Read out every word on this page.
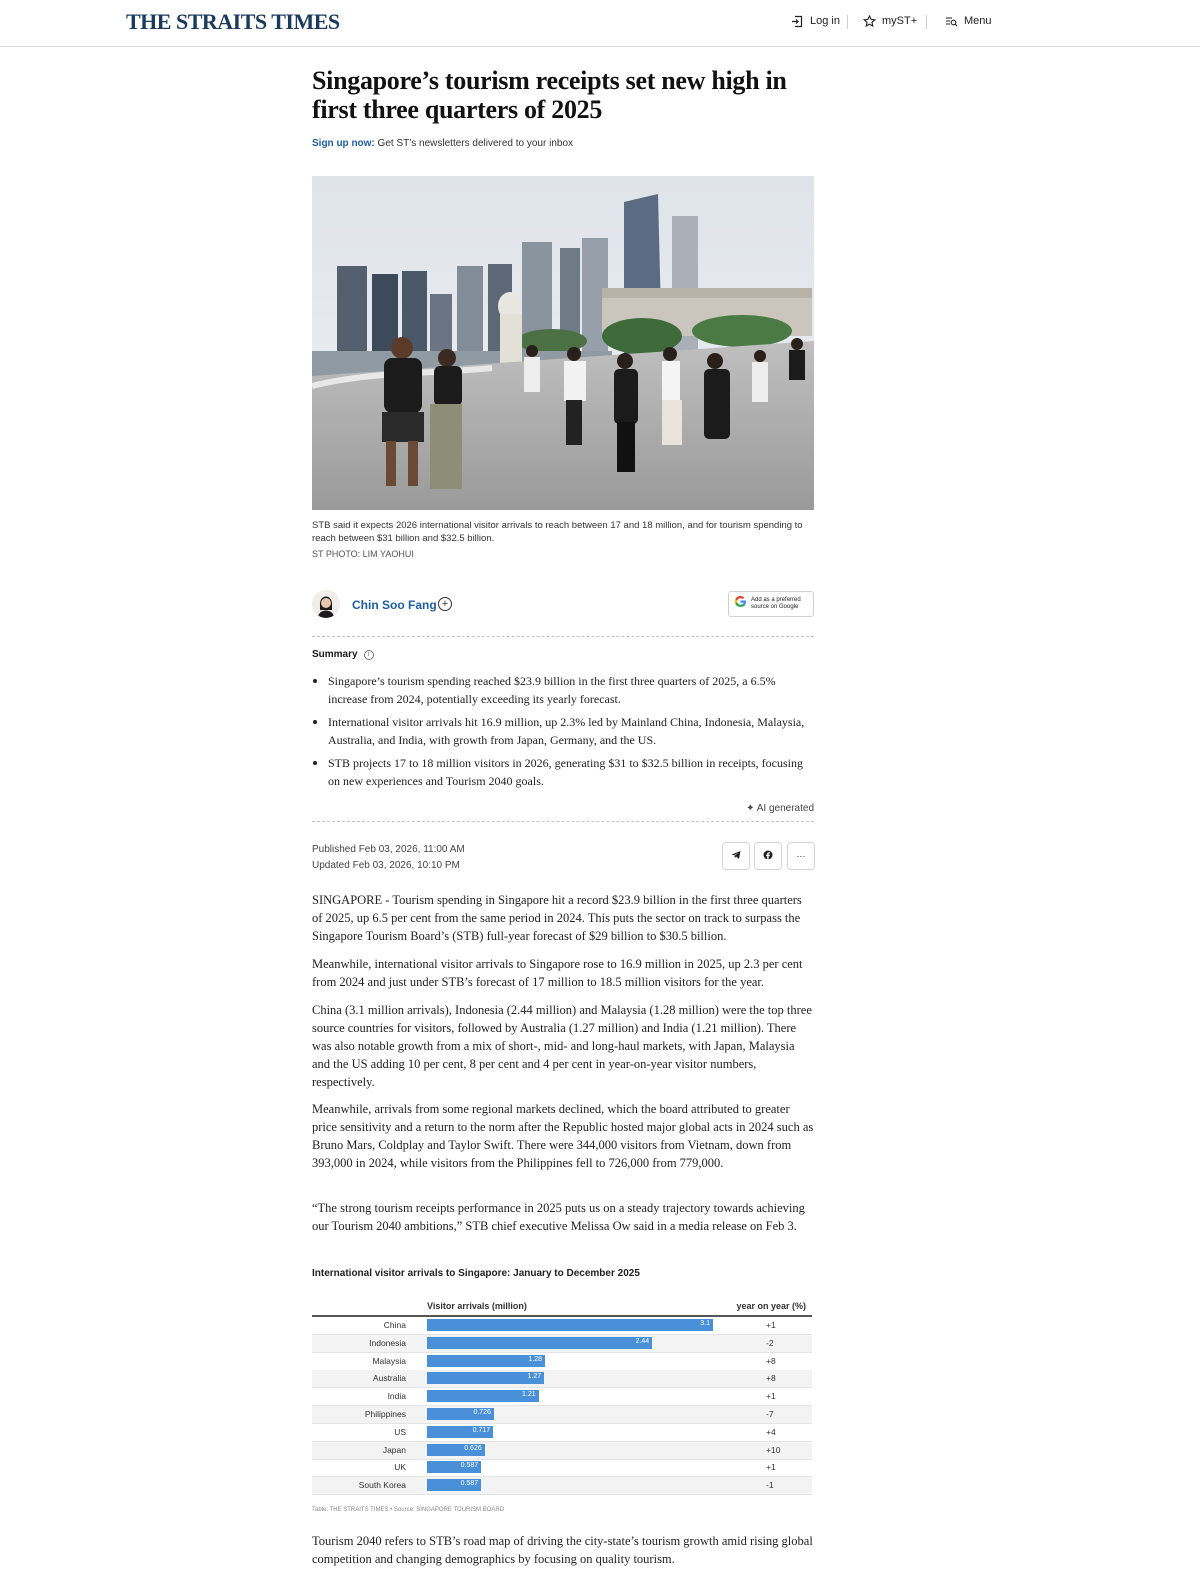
THE STRAITS TIMES	Log in	myST+	Menu
Singapore’s tourism receipts set new high in first three quarters of 2025
Sign up now: Get ST’s newsletters delivered to your inbox
STB said it expects 2026 international visitor arrivals to reach between 17 and 18 million, and for tourism spending to reach between $31 billion and $32.5 billion.
ST PHOTO: LIM YAOHUI
Chin Soo Fang +	Add as a preferred source on Google
Summary	i
Singapore’s tourism spending reached $23.9 billion in the first three quarters of 2025, a 6.5% increase from 2024, potentially exceeding its yearly forecast.
International visitor arrivals hit 16.9 million, up 2.3% led by Mainland China, Indonesia, Malaysia, Australia, and India, with growth from Japan, Germany, and the US.
STB projects 17 to 18 million visitors in 2026, generating $31 to $32.5 billion in receipts, focusing on new experiences and Tourism 2040 goals.
✦ AI generated
Published Feb 03, 2026, 11:00 AM
Updated Feb 03, 2026, 10:10 PM
···

SINGAPORE - Tourism spending in Singapore hit a record $23.9 billion in the first three quarters of 2025, up 6.5 per cent from the same period in 2024. This puts the sector on track to surpass the Singapore Tourism Board’s (STB) full-year forecast of $29 billion to $30.5 billion.

Meanwhile, international visitor arrivals to Singapore rose to 16.9 million in 2025, up 2.3 per cent from 2024 and just under STB’s forecast of 17 million to 18.5 million visitors for the year.

China (3.1 million arrivals), Indonesia (2.44 million) and Malaysia (1.28 million) were the top three source countries for visitors, followed by Australia (1.27 million) and India (1.21 million). There was also notable growth from a mix of short-, mid- and long-haul markets, with Japan, Malaysia and the US adding 10 per cent, 8 per cent and 4 per cent in year-on-year visitor numbers, respectively.

Meanwhile, arrivals from some regional markets declined, which the board attributed to greater price sensitivity and a return to the norm after the Republic hosted major global acts in 2024 such as Bruno Mars, Coldplay and Taylor Swift. There were 344,000 visitors from Vietnam, down from 393,000 in 2024, while visitors from the Philippines fell to 726,000 from 779,000.

“The strong tourism receipts performance in 2025 puts us on a steady trajectory towards achieving our Tourism 2040 ambitions,” STB chief executive Melissa Ow said in a media release on Feb 3.

International visitor arrivals to Singapore: January to December 2025
Visitor arrivals (million)	year on year (%)
China	3.1	+1
Indonesia	2.44	-2
Malaysia	1.28	+8
Australia	1.27	+8
India	1.21	+1
Philippines	0.726	-7
US	0.717	+4
Japan	0.626	+10
UK	0.587	+1
South Korea	0.587	-1
Table: THE STRAITS TIMES • Source: SINGAPORE TOURISM BOARD

Tourism 2040 refers to STB’s road map of driving the city-state’s tourism growth amid rising global competition and changing demographics by focusing on quality tourism.
